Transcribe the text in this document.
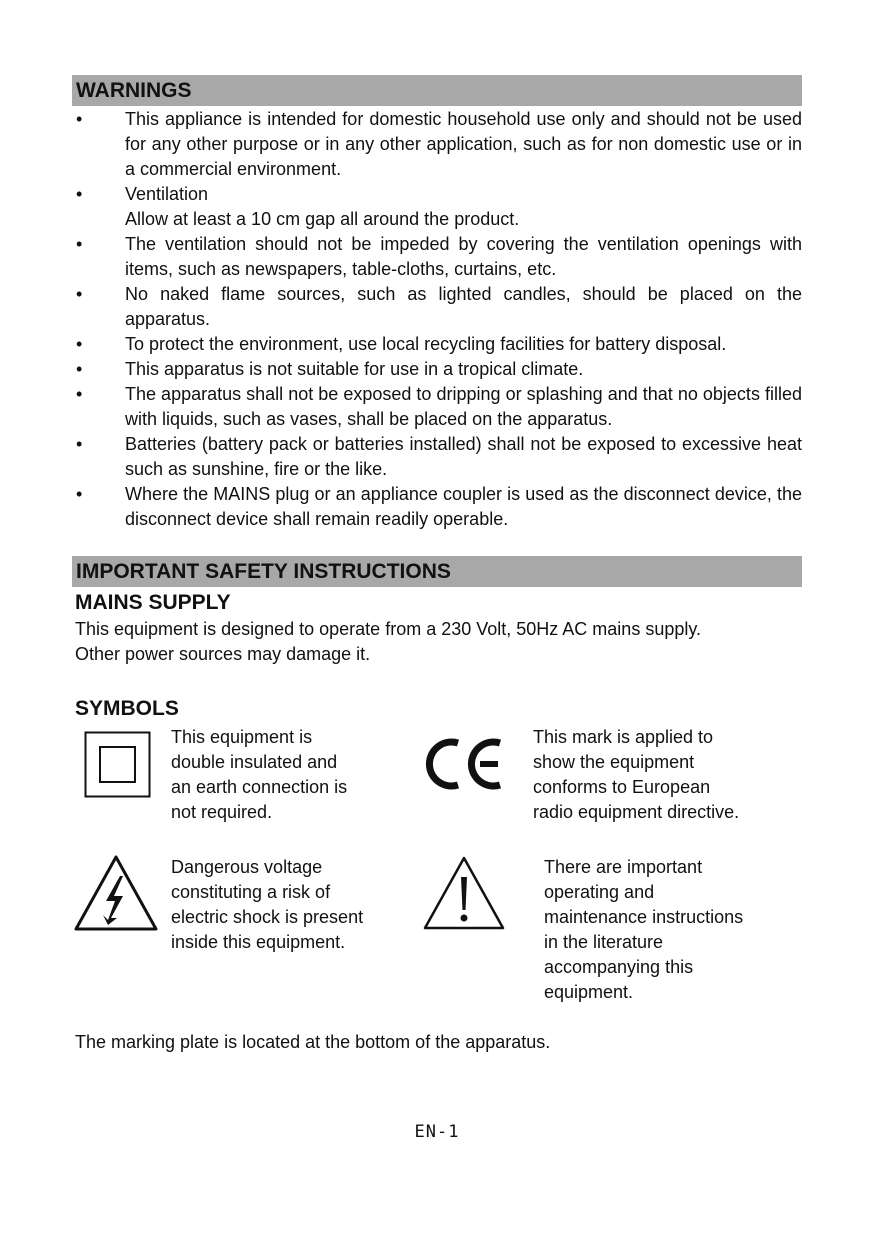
WARNINGS
• This appliance is intended for domestic household use only and should not be used for any other purpose or in any other application, such as for non domestic use or in a commercial environment.
• Ventilation
Allow at least a 10 cm gap all around the product.
• The ventilation should not be impeded by covering the ventilation openings with items, such as newspapers, table-cloths, curtains, etc.
• No naked flame sources, such as lighted candles, should be placed on the apparatus.
• To protect the environment, use local recycling facilities for battery disposal.
• This apparatus is not suitable for use in a tropical climate.
• The apparatus shall not be exposed to dripping or splashing and that no objects filled with liquids, such as vases, shall be placed on the apparatus.
• Batteries (battery pack or batteries installed) shall not be exposed to excessive heat such as sunshine, fire or the like.
• Where the MAINS plug or an appliance coupler is used as the disconnect device, the disconnect device shall remain readily operable.
IMPORTANT SAFETY INSTRUCTIONS
MAINS SUPPLY
This equipment is designed to operate from a 230 Volt, 50Hz AC mains supply.
Other power sources may damage it.
SYMBOLS
This equipment is
double insulated and
an earth connection is
not required.
This mark is applied to
show the equipment
conforms to European
radio equipment directive.
Dangerous voltage
constituting a risk of
electric shock is present
inside this equipment.
There are important
operating and
maintenance instructions
in the literature
accompanying this
equipment.
The marking plate is located at the bottom of the apparatus.
EN-1
